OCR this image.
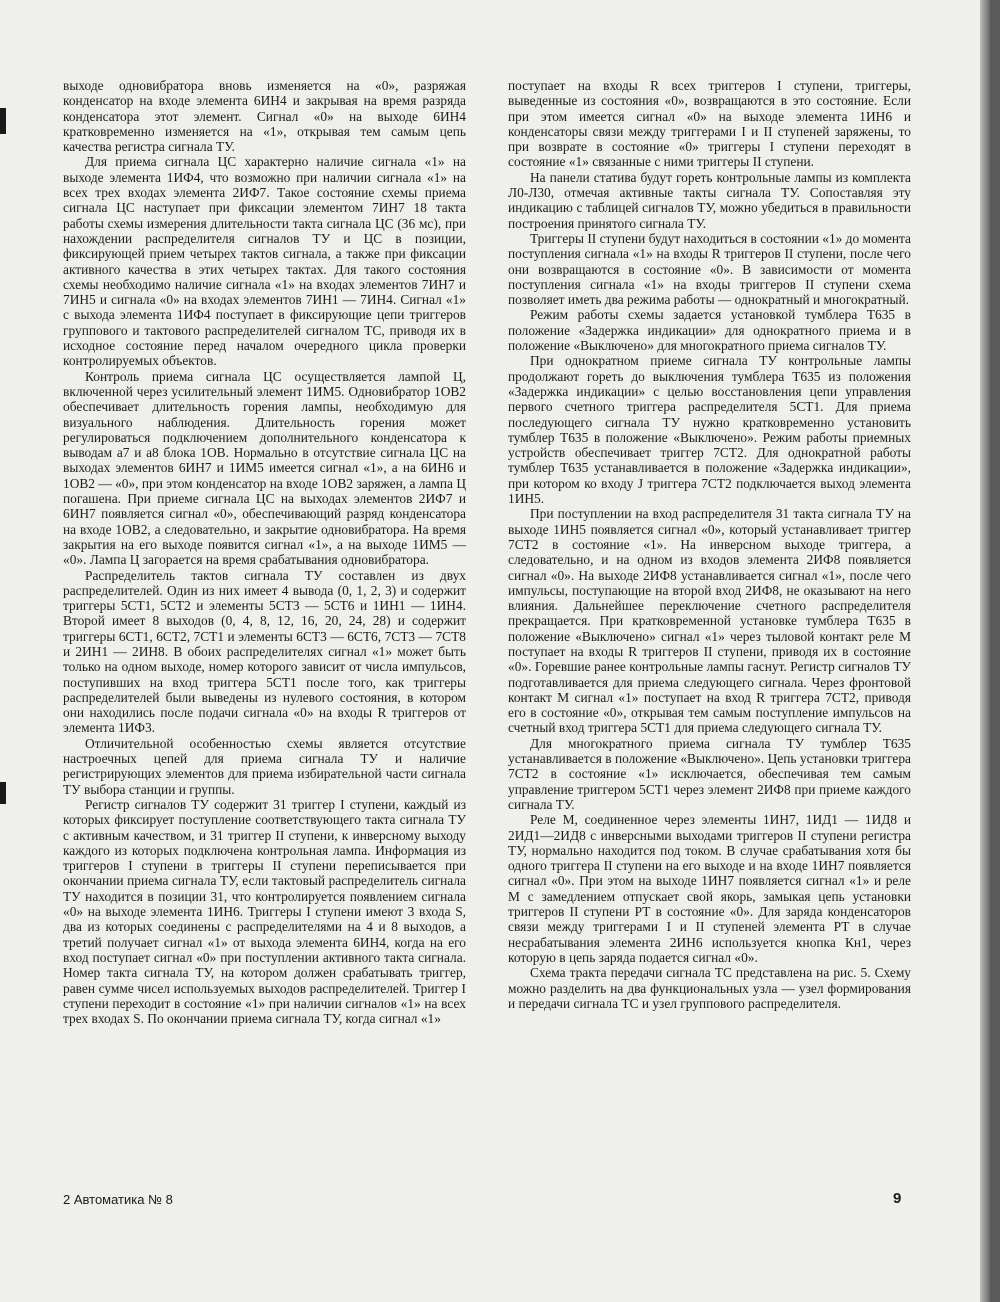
выходе одновибратора вновь изменяется на «0», разряжая конденсатор на входе элемента 6ИН4 и закрывая на время разряда конденсатора этот элемент. Сигнал «0» на выходе 6ИН4 кратковременно изменяется на «1», открывая тем самым цепь качества регистра сигнала ТУ.

Для приема сигнала ЦС характерно наличие сигнала «1» на выходе элемента 1ИФ4, что возможно при наличии сигнала «1» на всех трех входах элемента 2ИФ7. Такое состояние схемы приема сигнала ЦС наступает при фиксации элементом 7ИН7 18 такта работы схемы измерения длительности такта сигнала ЦС (36 мс), при нахождении распределителя сигналов ТУ и ЦС в позиции, фиксирующей прием четырех тактов сигнала, а также при фиксации активного качества в этих четырех тактах. Для такого состояния схемы необходимо наличие сигнала «1» на входах элементов 7ИН7 и 7ИН5 и сигнала «0» на входах элементов 7ИН1 — 7ИН4. Сигнал «1» с выхода элемента 1ИФ4 поступает в фиксирующие цепи триггеров группового и тактового распределителей сигналом ТС, приводя их в исходное состояние перед началом очередного цикла проверки контролируемых объектов.

Контроль приема сигнала ЦС осуществляется лампой Ц, включенной через усилительный элемент 1ИМ5. Одновибратор 1ОВ2 обеспечивает длительность горения лампы, необходимую для визуального наблюдения. Длительность горения может регулироваться подключением дополнительного конденсатора к выводам а7 и а8 блока 1ОВ. Нормально в отсутствие сигнала ЦС на выходах элементов 6ИН7 и 1ИМ5 имеется сигнал «1», а на 6ИН6 и 1ОВ2 — «0», при этом конденсатор на входе 1ОВ2 заряжен, а лампа Ц погашена. При приеме сигнала ЦС на выходах элементов 2ИФ7 и 6ИН7 появляется сигнал «0», обеспечивающий разряд конденсатора на входе 1ОВ2, а следовательно, и закрытие одновибратора. На время закрытия на его выходе появится сигнал «1», а на выходе 1ИМ5 — «0». Лампа Ц загорается на время срабатывания одновибратора.

Распределитель тактов сигнала ТУ составлен из двух распределителей. Один из них имеет 4 вывода (0, 1, 2, 3) и содержит триггеры 5СТ1, 5СТ2 и элементы 5СТ3 — 5СТ6 и 1ИН1 — 1ИН4. Второй имеет 8 выходов (0, 4, 8, 12, 16, 20, 24, 28) и содержит триггеры 6СТ1, 6СТ2, 7СТ1 и элементы 6СТ3 — 6СТ6, 7СТ3 — 7СТ8 и 2ИН1 — 2ИН8. В обоих распределителях сигнал «1» может быть только на одном выходе, номер которого зависит от числа импульсов, поступивших на вход триггера 5СТ1 после того, как триггеры распределителей были выведены из нулевого состояния, в котором они находились после подачи сигнала «0» на входы R триггеров от элемента 1ИФ3.

Отличительной особенностью схемы является отсутствие настроечных цепей для приема сигнала ТУ и наличие регистрирующих элементов для приема избирательной части сигнала ТУ выбора станции и группы.

Регистр сигналов ТУ содержит 31 триггер I ступени, каждый из которых фиксирует поступление соответствующего такта сигнала ТУ с активным качеством, и 31 триггер II ступени, к инверсному выходу каждого из которых подключена контрольная лампа. Информация из триггеров I ступени в триггеры II ступени переписывается при окончании приема сигнала ТУ, если тактовый распределитель сигнала ТУ находится в позиции 31, что контролируется появлением сигнала «0» на выходе элемента 1ИН6. Триггеры I ступени имеют 3 входа S, два из которых соединены с распределителями на 4 и 8 выходов, а третий получает сигнал «1» от выхода элемента 6ИН4, когда на его вход поступает сигнал «0» при поступлении активного такта сигнала. Номер такта сигнала ТУ, на котором должен срабатывать триггер, равен сумме чисел используемых выходов распределителей. Триггер I ступени переходит в состояние «1» при наличии сигналов «1» на всех трех входах S. По окончании приема сигнала ТУ, когда сигнал «1»

поступает на входы R всех триггеров I ступени, триггеры, выведенные из состояния «0», возвращаются в это состояние. Если при этом имеется сигнал «0» на выходе элемента 1ИН6 и конденсаторы связи между триггерами I и II ступеней заряжены, то при возврате в состояние «0» триггеры I ступени переходят в состояние «1» связанные с ними триггеры II ступени.

На панели статива будут гореть контрольные лампы из комплекта Л0-Л30, отмечая активные такты сигнала ТУ. Сопоставляя эту индикацию с таблицей сигналов ТУ, можно убедиться в правильности построения принятого сигнала ТУ.

Триггеры II ступени будут находиться в состоянии «1» до момента поступления сигнала «1» на входы R триггеров II ступени, после чего они возвращаются в состояние «0». В зависимости от момента поступления сигнала «1» на входы триггеров II ступени схема позволяет иметь два режима работы — однократный и многократный.

Режим работы схемы задается установкой тумблера Т635 в положение «Задержка индикации» для однократного приема и в положение «Выключено» для многократного приема сигналов ТУ.

При однократном приеме сигнала ТУ контрольные лампы продолжают гореть до выключения тумблера Т635 из положения «Задержка индикации» с целью восстановления цепи управления первого счетного триггера распределителя 5СТ1. Для приема последующего сигнала ТУ нужно кратковременно установить тумблер Т635 в положение «Выключено». Режим работы приемных устройств обеспечивает триггер 7СТ2. Для однократной работы тумблер Т635 устанавливается в положение «Задержка индикации», при котором ко входу J триггера 7СТ2 подключается выход элемента 1ИН5.

При поступлении на вход распределителя 31 такта сигнала ТУ на выходе 1ИН5 появляется сигнал «0», который устанавливает триггер 7СТ2 в состояние «1». На инверсном выходе триггера, а следовательно, и на одном из входов элемента 2ИФ8 появляется сигнал «0». На выходе 2ИФ8 устанавливается сигнал «1», после чего импульсы, поступающие на второй вход 2ИФ8, не оказывают на него влияния. Дальнейшее переключение счетного распределителя прекращается. При кратковременной установке тумблера Т635 в положение «Выключено» сигнал «1» через тыловой контакт реле М поступает на входы R триггеров II ступени, приводя их в состояние «0». Горевшие ранее контрольные лампы гаснут. Регистр сигналов ТУ подготавливается для приема следующего сигнала. Через фронтовой контакт М сигнал «1» поступает на вход R триггера 7СТ2, приводя его в состояние «0», открывая тем самым поступление импульсов на счетный вход триггера 5СТ1 для приема следующего сигнала ТУ.

Для многократного приема сигнала ТУ тумблер Т635 устанавливается в положение «Выключено». Цепь установки триггера 7СТ2 в состояние «1» исключается, обеспечивая тем самым управление триггером 5СТ1 через элемент 2ИФ8 при приеме каждого сигнала ТУ.

Реле М, соединенное через элементы 1ИН7, 1ИД1 — 1ИД8 и 2ИД1—2ИД8 с инверсными выходами триггеров II ступени регистра ТУ, нормально находится под током. В случае срабатывания хотя бы одного триггера II ступени на его выходе и на входе 1ИН7 появляется сигнал «0». При этом на выходе 1ИН7 появляется сигнал «1» и реле М с замедлением отпускает свой якорь, замыкая цепь установки триггеров II ступени РТ в состояние «0». Для заряда конденсаторов связи между триггерами I и II ступеней элемента РТ в случае несрабатывания элемента 2ИН6 используется кнопка Кн1, через которую в цепь заряда подается сигнал «0».

Схема тракта передачи сигнала ТС представлена на рис. 5. Схему можно разделить на два функциональных узла — узел формирования и передачи сигнала ТС и узел группового распределителя.

2 Автоматика № 8	9
